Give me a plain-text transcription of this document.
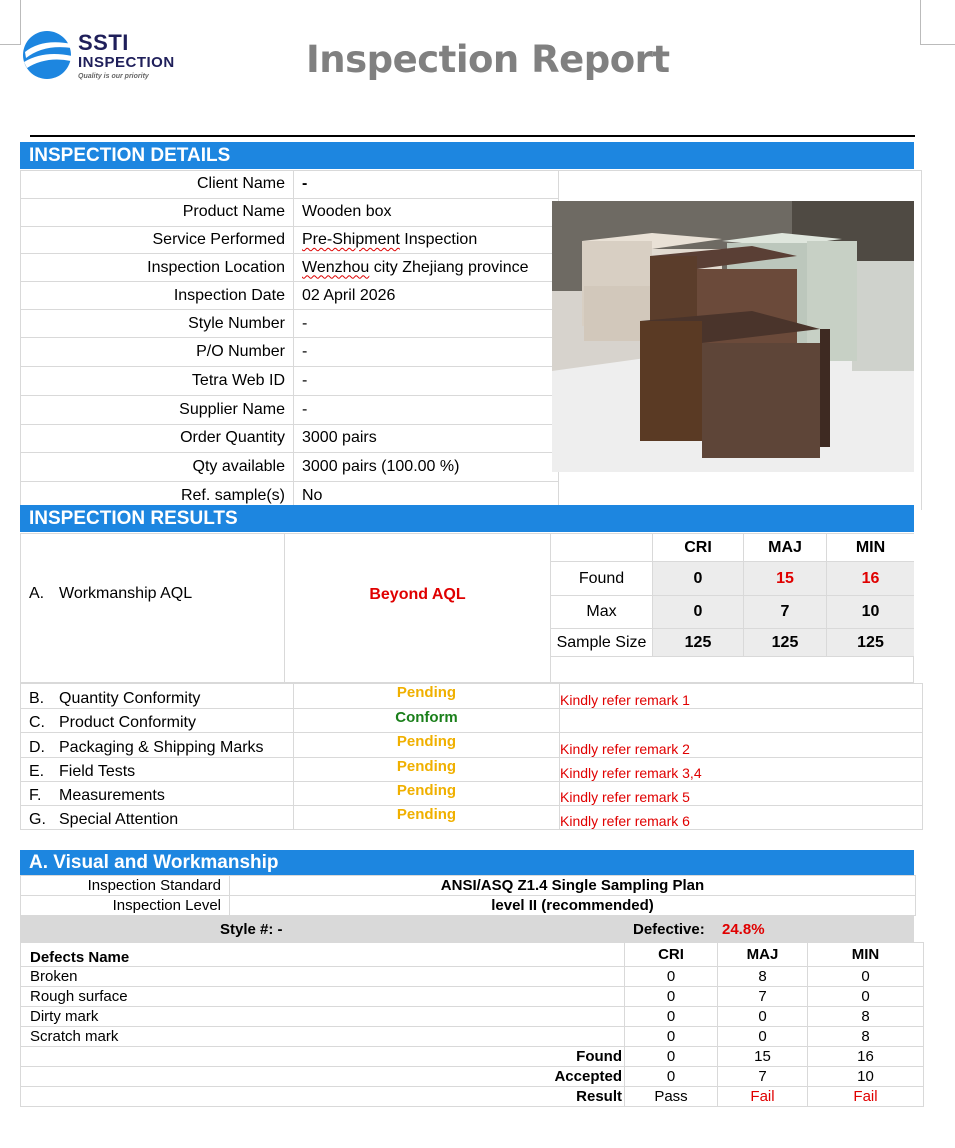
SSTI
INSPECTION
Quality is our priority	Inspection Report
INSPECTION DETAILS
Client Name	-	
Product Name	Wooden box	
Service Performed	Pre-Shipment Inspection	
Inspection Location	Wenzhou city Zhejiang province	
Inspection Date	02 April 2026	
Style Number	-	
P/O Number	-	
Tetra Web ID	-	
Supplier Name	-	
Order Quantity	3000 pairs	
Qty available	3000 pairs (100.00 %)	
Ref. sample(s)	No	
INSPECTION RESULTS
A. Workmanship AQL	Beyond AQL
	CRI	MAJ	MIN
Found	0	15	16
Max	0	7	10
Sample Size	125	125	125
B. Quantity Conformity	Pending	Kindly refer remark 1
C. Product Conformity	Conform	
D. Packaging & Shipping Marks	Pending	Kindly refer remark 2
E. Field Tests	Pending	Kindly refer remark 3,4
F. Measurements	Pending	Kindly refer remark 5
G. Special Attention	Pending	Kindly refer remark 6
A. Visual and Workmanship
Inspection Standard	ANSI/ASQ Z1.4 Single Sampling Plan
Inspection Level	level II (recommended)
Style #: -	Defective: 24.8%
Defects Name	CRI	MAJ	MIN
Broken	0	8	0
Rough surface	0	7	0
Dirty mark	0	0	8
Scratch mark	0	0	8
Found	0	15	16
Accepted	0	7	10
Result	Pass	Fail	Fail
